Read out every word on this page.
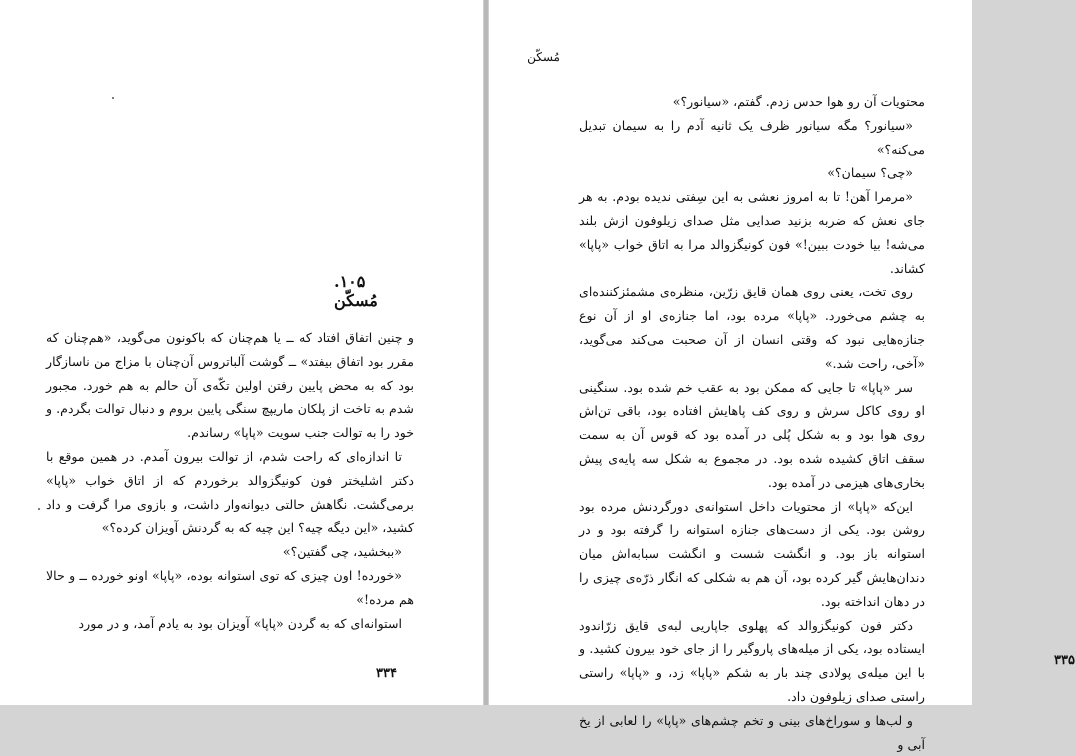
۱۰۵. مُسکّن

و چنین اتفاق افتاد که ــ یا هم‌چنان که باکونون می‌گوید، «هم‌چنان که مقرر بود اتفاق بیفتد» ــ گوشت آلباتروس آن‌چنان با مزاج من ناسازگار بود که به محض پایین رفتن اولین تکّه‌ی آن حالم به هم خورد. مجبور شدم به تاخت از پلکان ماریپچ سنگی پایین بروم و دنبال توالت بگردم. و خود را به توالت جنب سویت «پاپا» رساندم.

تا اندازه‌ای که راحت شدم، از توالت بیرون آمدم. در همین موقع با دکتر اشلیختر فون کونیگزوالد برخوردم که از اتاق خواب «پاپا» برمی‌گشت. نگاهش حالتی دیوانه‌وار داشت، و بازوی مرا گرفت و داد کشید، «این دیگه چیه؟ این چیه که به گردنش آویزان کرده؟»

«ببخشید، چی گفتین؟»

«خورده! اون چیزی که توی استوانه بوده، «پاپا» اونو خورده ــ و حالا هم مرده!»

استوانه‌ای که به گردن «پاپا» آویزان بود به یادم آمد، و در مورد

۳۳۴
مُسکّن

محتویات آن رو هوا حدس زدم. گفتم، «سیانور؟»

«سیانور؟ مگه سیانور ظرف یک ثانیه آدم را به سیمان تبدیل می‌کنه؟»

«چی؟ سیمان؟»

«مرمرا آهن! تا به امروز نعشی به این سِفتی ندیده بودم. به هر جای نعش که ضربه بزنید صدایی مثل صدای زیلوفون ازش بلند می‌شه! بیا خودت ببین!» فون کونیگزوالد مرا به اتاق خواب «پاپا» کشاند.

روی تخت، یعنی روی همان قایق زرّین، منظره‌ی مشمئزکننده‌ای به چشم می‌خورد. «پاپا» مرده بود، اما جنازه‌ی او از آن نوع جنازه‌هایی نبود که وقتی انسان از آن صحبت می‌کند می‌گوید، «آخی، راحت شد.»

سر «پاپا» تا جایی که ممکن بود به عقب خم شده بود. سنگینی او روی کاکل سرش و روی کف پاهایش افتاده بود، باقی تن‌اش روی هوا بود و به شکل پُلی در آمده بود که قوس آن به سمت سقف اتاق کشیده شده بود. در مجموع به شکل سه پایه‌ی پیش بخاری‌های هیزمی در آمده بود.

این‌که «پاپا» از محتویات داخل استوانه‌ی دورگردنش مرده بود روشن بود. یکی از دست‌های جنازه استوانه را گرفته بود و در استوانه باز بود. و انگشت شست و انگشت سبابه‌اش میان دندان‌هایش گیر کرده بود، آن هم به شکلی که انگار ذرّه‌ی چیزی را در دهان انداخته بود.

دکتر فون کونیگزوالد که پهلوی جاپاریی لبه‌ی قایق زرّاندود ایستاده بود، یکی از میله‌های پاروگیر را از جای خود بیرون کشید. و با این میله‌ی پولادی چند بار به شکم «پاپا» زد، و «پاپا» راستی راستی صدای زیلوفون داد.

و لب‌ها و سوراخ‌های بینی و تخم چشم‌های «پاپا» را لعابی از یخ آبی و

۳۳۵
